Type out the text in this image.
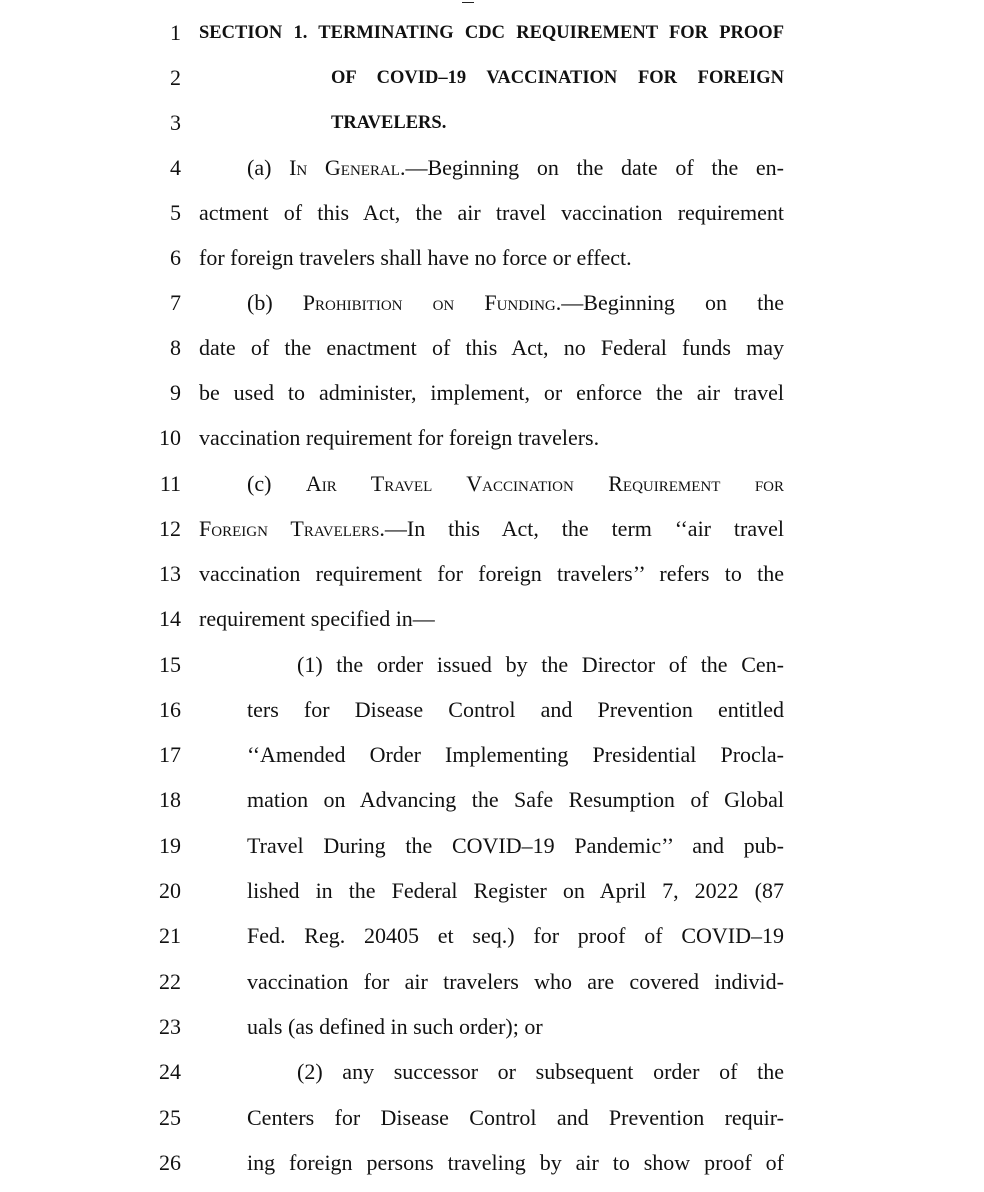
1 SECTION 1. TERMINATING CDC REQUIREMENT FOR PROOF
2	OF COVID–19 VACCINATION FOR FOREIGN
3	TRAVELERS.
4	(a) In General.—Beginning on the date of the en-
5 actment of this Act, the air travel vaccination requirement
6 for foreign travelers shall have no force or effect.
7	(b) Prohibition on Funding.—Beginning on the
8 date of the enactment of this Act, no Federal funds may
9 be used to administer, implement, or enforce the air travel
10 vaccination requirement for foreign travelers.
11	(c) Air Travel Vaccination Requirement for
12 Foreign Travelers.—In this Act, the term ‘‘air travel
13 vaccination requirement for foreign travelers’’ refers to the
14 requirement specified in—
15	(1) the order issued by the Director of the Cen-
16	ters for Disease Control and Prevention entitled
17	‘‘Amended Order Implementing Presidential Procla-
18	mation on Advancing the Safe Resumption of Global
19	Travel During the COVID–19 Pandemic’’ and pub-
20	lished in the Federal Register on April 7, 2022 (87
21	Fed. Reg. 20405 et seq.) for proof of COVID–19
22	vaccination for air travelers who are covered individ-
23	uals (as defined in such order); or
24	(2) any successor or subsequent order of the
25	Centers for Disease Control and Prevention requir-
26	ing foreign persons traveling by air to show proof of
